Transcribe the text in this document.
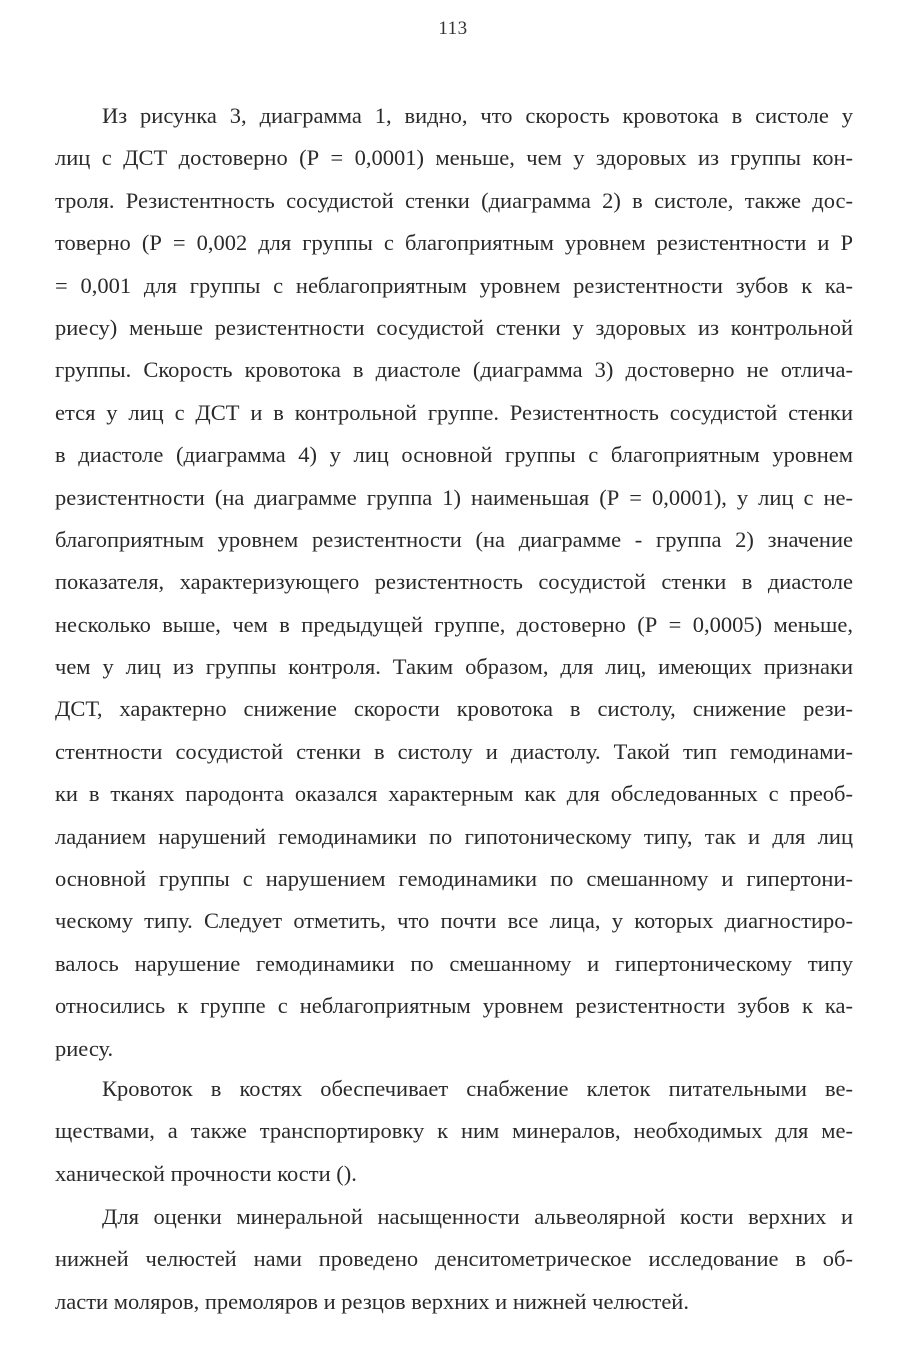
113
Из рисунка 3, диаграмма 1, видно, что скорость кровотока в систоле у
лиц с ДСТ достоверно (Р = 0,0001) меньше, чем у здоровых из группы кон-
троля. Резистентность сосудистой стенки (диаграмма 2) в систоле, также дос-
товерно (Р = 0,002 для группы с благоприятным уровнем резистентности и Р
= 0,001 для группы с неблагоприятным уровнем резистентности зубов к ка-
риесу) меньше резистентности сосудистой стенки у здоровых из контрольной
группы. Скорость кровотока в диастоле (диаграмма 3) достоверно не отлича-
ется у лиц с ДСТ и в контрольной группе. Резистентность сосудистой стенки
в диастоле (диаграмма 4) у лиц основной группы с благоприятным уровнем
резистентности (на диаграмме группа 1) наименьшая (Р = 0,0001), у лиц с не-
благоприятным уровнем резистентности (на диаграмме - группа 2) значение
показателя, характеризующего резистентность сосудистой стенки в диастоле
несколько выше, чем в предыдущей группе, достоверно (Р = 0,0005) меньше,
чем у лиц из группы контроля. Таким образом, для лиц, имеющих признаки
ДСТ, характерно снижение скорости кровотока в систолу, снижение рези-
стентности сосудистой стенки в систолу и диастолу. Такой тип гемодинами-
ки в тканях пародонта оказался характерным как для обследованных с преоб-
ладанием нарушений гемодинамики по гипотоническому типу, так и для лиц
основной группы с нарушением гемодинамики по смешанному и гипертони-
ческому типу. Следует отметить, что почти все лица, у которых диагностиро-
валось нарушение гемодинамики по смешанному и гипертоническому типу
относились к группе с неблагоприятным уровнем резистентности зубов к ка-
риесу.
Кровоток в костях обеспечивает снабжение клеток питательными ве-
ществами, а также транспортировку к ним минералов, необходимых для ме-
ханической прочности кости ().
Для оценки минеральной насыщенности альвеолярной кости верхних и
нижней челюстей нами проведено денситометрическое исследование в об-
ласти моляров, премоляров и резцов верхних и нижней челюстей.
